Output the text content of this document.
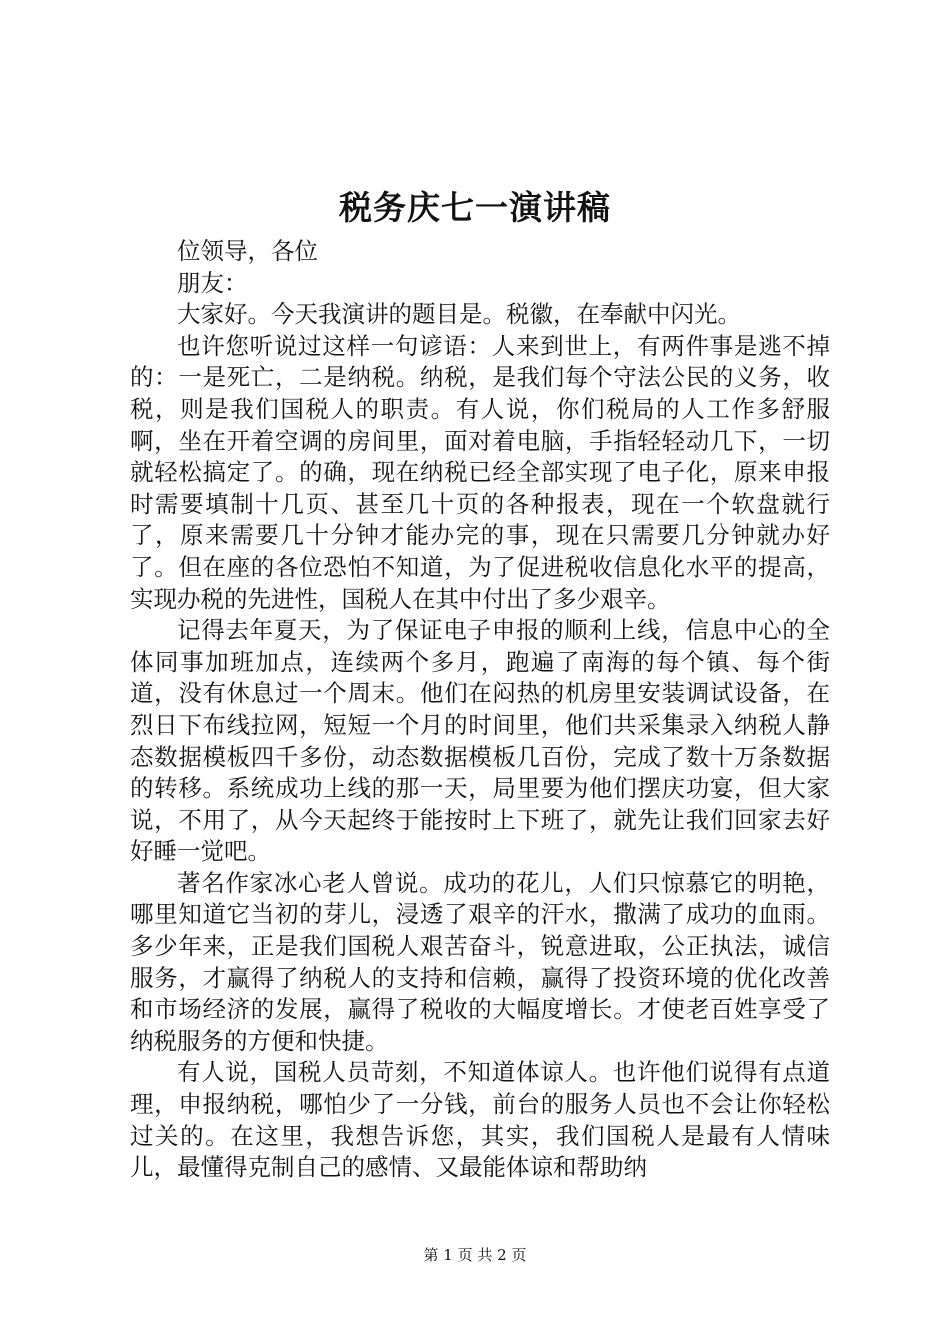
税务庆七一演讲稿

位领导，各位

朋友：

大家好。今天我演讲的题目是。税徽，在奉献中闪光。

也许您听说过这样一句谚语：人来到世上，有两件事是逃不掉的：一是死亡，二是纳税。纳税，是我们每个守法公民的义务，收税，则是我们国税人的职责。有人说，你们税局的人工作多舒服啊，坐在开着空调的房间里，面对着电脑，手指轻轻动几下，一切就轻松搞定了。的确，现在纳税已经全部实现了电子化，原来申报时需要填制十几页、甚至几十页的各种报表，现在一个软盘就行了，原来需要几十分钟才能办完的事，现在只需要几分钟就办好了。但在座的各位恐怕不知道，为了促进税收信息化水平的提高，实现办税的先进性，国税人在其中付出了多少艰辛。

记得去年夏天，为了保证电子申报的顺利上线，信息中心的全体同事加班加点，连续两个多月，跑遍了南海的每个镇、每个街道，没有休息过一个周末。他们在闷热的机房里安装调试设备，在烈日下布线拉网，短短一个月的时间里，他们共采集录入纳税人静态数据模板四千多份，动态数据模板几百份，完成了数十万条数据的转移。系统成功上线的那一天，局里要为他们摆庆功宴，但大家说，不用了，从今天起终于能按时上下班了，就先让我们回家去好好睡一觉吧。

著名作家冰心老人曾说。成功的花儿，人们只惊慕它的明艳，哪里知道它当初的芽儿，浸透了艰辛的汗水，撒满了成功的血雨。多少年来，正是我们国税人艰苦奋斗，锐意进取，公正执法，诚信服务，才赢得了纳税人的支持和信赖，赢得了投资环境的优化改善和市场经济的发展，赢得了税收的大幅度增长。才使老百姓享受了纳税服务的方便和快捷。

有人说，国税人员苛刻，不知道体谅人。也许他们说得有点道理，申报纳税，哪怕少了一分钱，前台的服务人员也不会让你轻松过关的。在这里，我想告诉您，其实，我们国税人是最有人情味儿，最懂得克制自己的感情、又最能体谅和帮助纳

第 1 页 共 2 页
